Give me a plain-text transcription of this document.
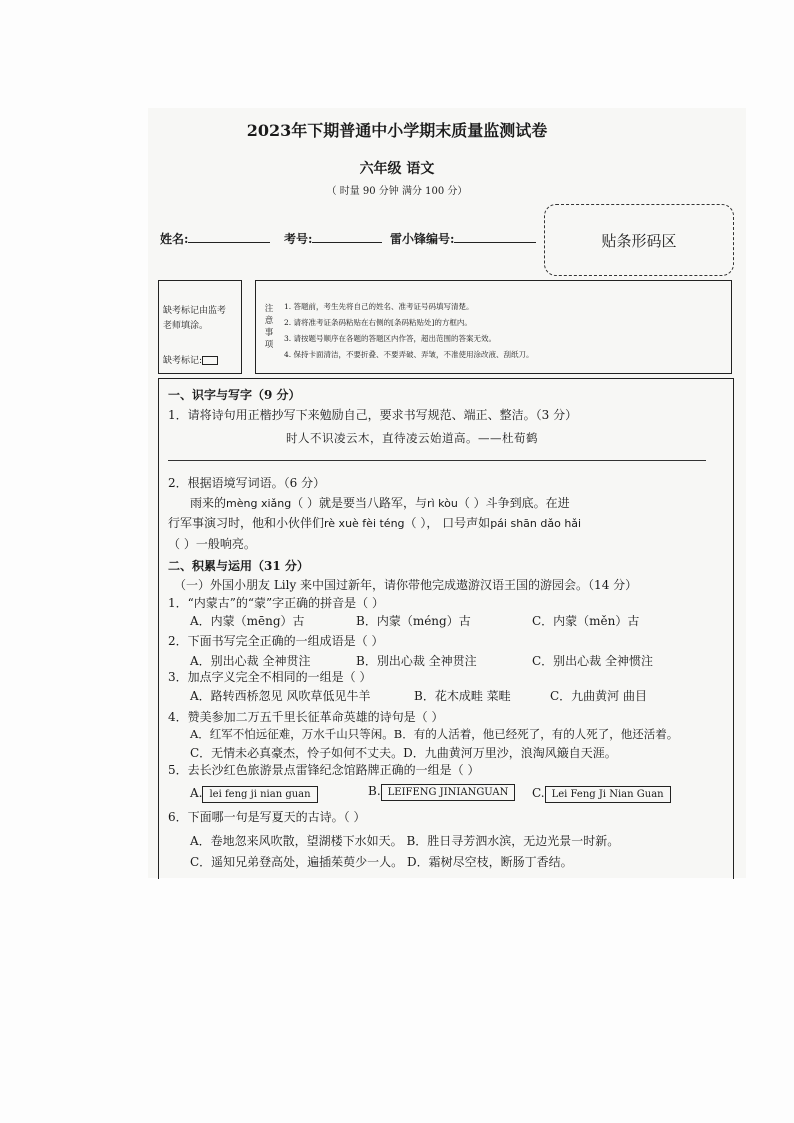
2023年下期普通中小学期末质量监测试卷
六年级 语文
（ 时量 90 分钟 满分 100 分）
姓名:	考号:	雷小锋编号:	贴条形码区
缺考标记由监考
老师填涂。
缺考标记:
注
意
事
项
1. 答题前，考生先将自己的姓名、准考证号码填写清楚。
2. 请将准考证条码粘贴在右侧的[条码粘贴处]的方框内。
3. 请按题号顺序在各题的答题区内作答，超出范围的答案无效。
4. 保持卡面清洁，不要折叠、不要弄破、弄皱，不准使用涂改液、刮纸刀。
一、识字与写字（9 分）
1．请将诗句用正楷抄写下来勉励自己，要求书写规范、端正、整洁。（3 分）
时人不识凌云木，直待凌云始道高。——杜荀鹤
2．根据语境写词语。（6 分）
雨来的mèng xiǎng（ ）就是要当八路军，与rì kòu（ ）斗争到底。在进
行军事演习时，他和小伙伴们rè xuè fèi téng（ ）， 口号声如pái shān dǎo hǎi
（ ）一般响亮。
二、积累与运用（31 分）
（一）外国小朋友 Lily 来中国过新年，请你带他完成遨游汉语王国的游园会。（14 分）
1．“内蒙古”的“蒙”字正确的拼音是（ ）
A．内蒙（mēng）古	B．内蒙（méng）古	C．内蒙（měn）古
2．下面书写完全正确的一组成语是（ ）
A．别出心裁 全神贯注	B．別出心裁 全神贯注	C．别出心裁 全神惯注
3．加点字义完全不相同的一组是（ ）
A．路转西桥忽见 风吹草低见牛羊	B．花木成畦 菜畦	C．九曲黄河 曲目
4．赞美参加二万五千里长征革命英雄的诗句是（ ）
A．红军不怕远征难，万水千山只等闲。B．有的人活着，他已经死了，有的人死了，他还活着。
C．无情未必真豪杰，怜子如何不丈夫。D．九曲黄河万里沙，浪淘风簸自天涯。
5．去长沙红色旅游景点雷锋纪念馆路牌正确的一组是（ ）
A. lei feng ji nian guan	B. LEIFENG JINIANGUAN	C. Lei Feng Ji Nian Guan
6．下面哪一句是写夏天的古诗。（ ）
A．卷地忽来风吹散，望湖楼下水如天。 B．胜日寻芳泗水滨，无边光景一时新。
C．遥知兄弟登高处，遍插茱萸少一人。 D．霜树尽空枝，断肠丁香结。
